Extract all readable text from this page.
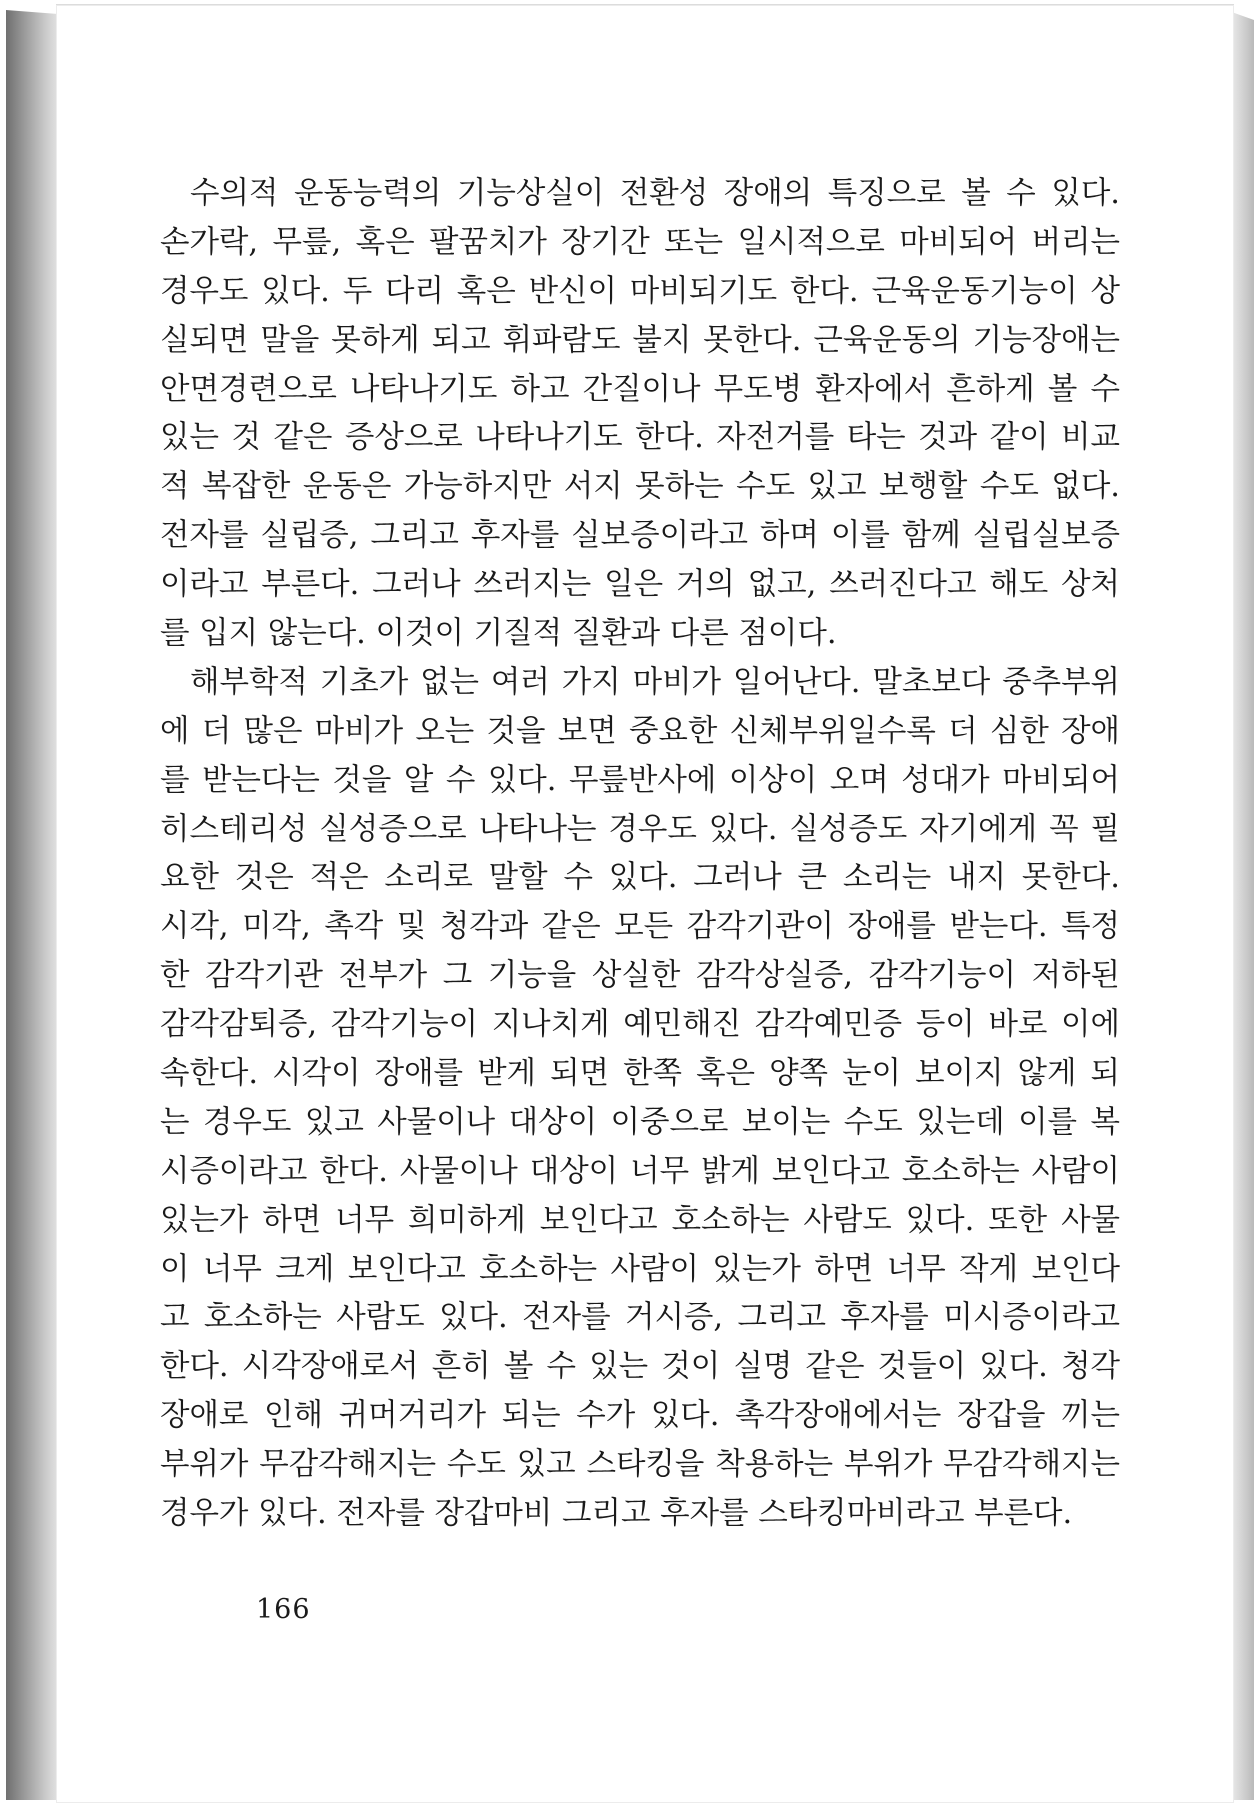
수의적 운동능력의 기능상실이 전환성 장애의 특징으로 볼 수 있다.
손가락, 무릎, 혹은 팔꿈치가 장기간 또는 일시적으로 마비되어 버리는
경우도 있다. 두 다리 혹은 반신이 마비되기도 한다. 근육운동기능이 상
실되면 말을 못하게 되고 휘파람도 불지 못한다. 근육운동의 기능장애는
안면경련으로 나타나기도 하고 간질이나 무도병 환자에서 흔하게 볼 수
있는 것 같은 증상으로 나타나기도 한다. 자전거를 타는 것과 같이 비교
적 복잡한 운동은 가능하지만 서지 못하는 수도 있고 보행할 수도 없다.
전자를 실립증, 그리고 후자를 실보증이라고 하며 이를 함께 실립실보증
이라고 부른다. 그러나 쓰러지는 일은 거의 없고, 쓰러진다고 해도 상처
를 입지 않는다. 이것이 기질적 질환과 다른 점이다.
해부학적 기초가 없는 여러 가지 마비가 일어난다. 말초보다 중추부위
에 더 많은 마비가 오는 것을 보면 중요한 신체부위일수록 더 심한 장애
를 받는다는 것을 알 수 있다. 무릎반사에 이상이 오며 성대가 마비되어
히스테리성 실성증으로 나타나는 경우도 있다. 실성증도 자기에게 꼭 필
요한 것은 적은 소리로 말할 수 있다. 그러나 큰 소리는 내지 못한다.
시각, 미각, 촉각 및 청각과 같은 모든 감각기관이 장애를 받는다. 특정
한 감각기관 전부가 그 기능을 상실한 감각상실증, 감각기능이 저하된
감각감퇴증, 감각기능이 지나치게 예민해진 감각예민증 등이 바로 이에
속한다. 시각이 장애를 받게 되면 한쪽 혹은 양쪽 눈이 보이지 않게 되
는 경우도 있고 사물이나 대상이 이중으로 보이는 수도 있는데 이를 복
시증이라고 한다. 사물이나 대상이 너무 밝게 보인다고 호소하는 사람이
있는가 하면 너무 희미하게 보인다고 호소하는 사람도 있다. 또한 사물
이 너무 크게 보인다고 호소하는 사람이 있는가 하면 너무 작게 보인다
고 호소하는 사람도 있다. 전자를 거시증, 그리고 후자를 미시증이라고
한다. 시각장애로서 흔히 볼 수 있는 것이 실명 같은 것들이 있다. 청각
장애로 인해 귀머거리가 되는 수가 있다. 촉각장애에서는 장갑을 끼는
부위가 무감각해지는 수도 있고 스타킹을 착용하는 부위가 무감각해지는
경우가 있다. 전자를 장갑마비 그리고 후자를 스타킹마비라고 부른다.
166
